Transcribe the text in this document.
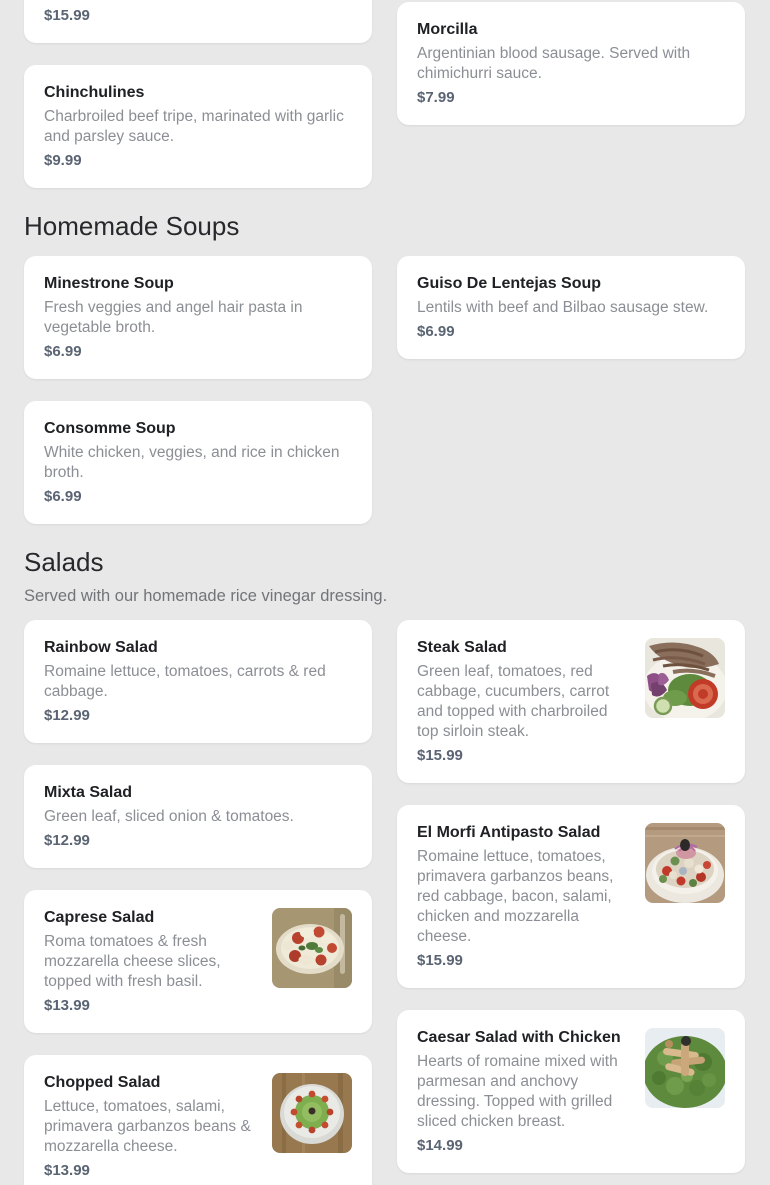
$15.99
Chinchulines
Charbroiled beef tripe, marinated with garlic and parsley sauce.
$9.99
Morcilla
Argentinian blood sausage. Served with chimichurri sauce.
$7.99
Homemade Soups
Minestrone Soup
Fresh veggies and angel hair pasta in vegetable broth.
$6.99
Consomme Soup
White chicken, veggies, and rice in chicken broth.
$6.99
Guiso De Lentejas Soup
Lentils with beef and Bilbao sausage stew.
$6.99
Salads
Served with our homemade rice vinegar dressing.
Rainbow Salad
Romaine lettuce, tomatoes, carrots & red cabbage.
$12.99
Mixta Salad
Green leaf, sliced onion & tomatoes.
$12.99
Caprese Salad
Roma tomatoes & fresh mozzarella cheese slices, topped with fresh basil.
$13.99
Chopped Salad
Lettuce, tomatoes, salami, primavera garbanzos beans & mozzarella cheese.
$13.99
Steak Salad
Green leaf, tomatoes, red cabbage, cucumbers, carrot and topped with charbroiled top sirloin steak.
$15.99
El Morfi Antipasto Salad
Romaine lettuce, tomatoes, primavera garbanzos beans, red cabbage, bacon, salami, chicken and mozzarella cheese.
$15.99
Caesar Salad with Chicken
Hearts of romaine mixed with parmesan and anchovy dressing. Topped with grilled sliced chicken breast.
$14.99
